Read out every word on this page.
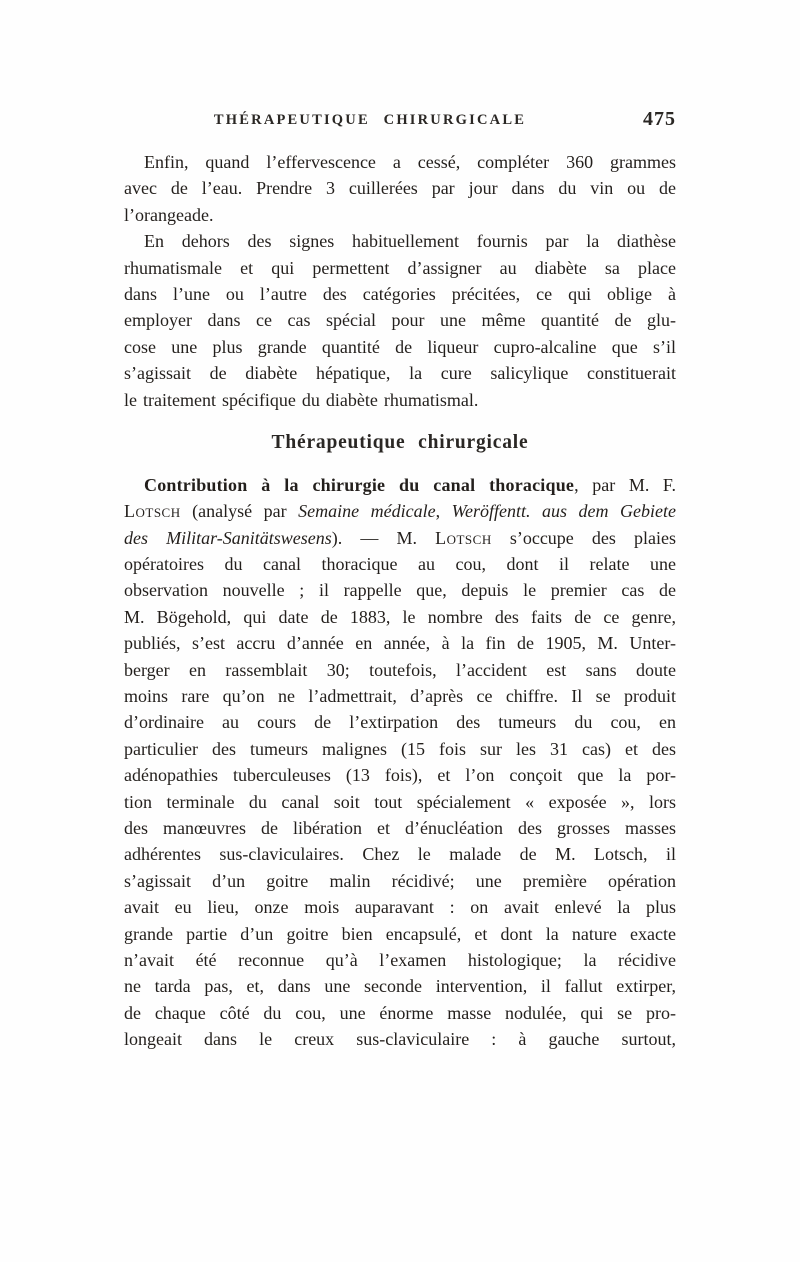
THÉRAPEUTIQUE CHIRURGICALE	475
Enfin, quand l’effervescence a cessé, compléter 360 grammes
avec de l’eau. Prendre 3 cuillerées par jour dans du vin ou de
l’orangeade.
En dehors des signes habituellement fournis par la diathèse
rhumatismale et qui permettent d’assigner au diabète sa place
dans l’une ou l’autre des catégories précitées, ce qui oblige à
employer dans ce cas spécial pour une même quantité de glu-
cose une plus grande quantité de liqueur cupro-alcaline que s’il
s’agissait de diabète hépatique, la cure salicylique constituerait
le traitement spécifique du diabète rhumatismal.
Thérapeutique chirurgicale
Contribution à la chirurgie du canal thoracique, par M. F.
Lotsch (analysé par Semaine médicale, Weröffentt. aus dem Gebiete
des Militar-Sanitätswesens). — M. Lotsch s’occupe des plaies
opératoires du canal thoracique au cou, dont il relate une
observation nouvelle ; il rappelle que, depuis le premier cas de
M. Bögehold, qui date de 1883, le nombre des faits de ce genre,
publiés, s’est accru d’année en année, à la fin de 1905, M. Unter-
berger en rassemblait 30; toutefois, l’accident est sans doute
moins rare qu’on ne l’admettrait, d’après ce chiffre. Il se produit
d’ordinaire au cours de l’extirpation des tumeurs du cou, en
particulier des tumeurs malignes (15 fois sur les 31 cas) et des
adénopathies tuberculeuses (13 fois), et l’on conçoit que la por-
tion terminale du canal soit tout spécialement « exposée », lors
des manœuvres de libération et d’énucléation des grosses masses
adhérentes sus-claviculaires. Chez le malade de M. Lotsch, il
s’agissait d’un goitre malin récidivé; une première opération
avait eu lieu, onze mois auparavant : on avait enlevé la plus
grande partie d’un goitre bien encapsulé, et dont la nature exacte
n’avait été reconnue qu’à l’examen histologique; la récidive
ne tarda pas, et, dans une seconde intervention, il fallut extirper,
de chaque côté du cou, une énorme masse nodulée, qui se pro-
longeait dans le creux sus-claviculaire : à gauche surtout,
